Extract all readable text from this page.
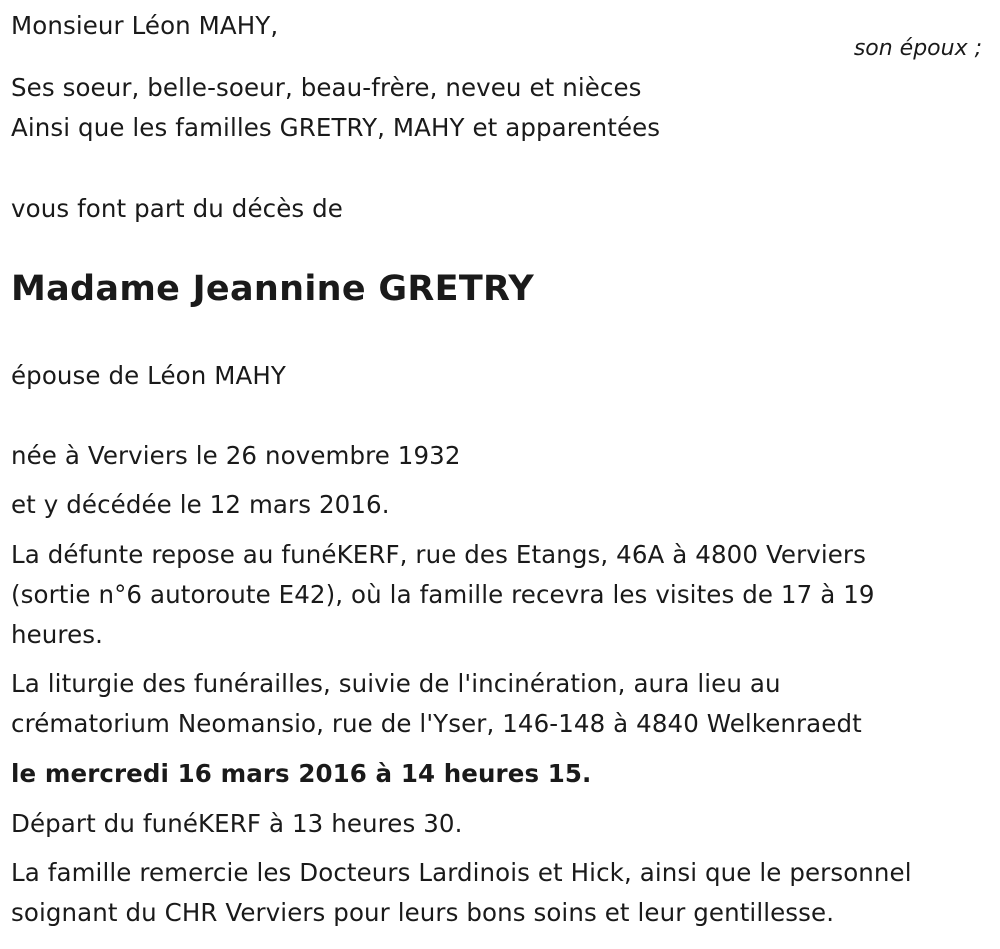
Monsieur Léon MAHY,
son époux ;
Ses soeur, belle-soeur, beau-frère, neveu et nièces
Ainsi que les familles GRETRY, MAHY et apparentées
vous font part du décès de
Madame Jeannine GRETRY
épouse de Léon MAHY
née à Verviers le 26 novembre 1932
et y décédée le 12 mars 2016.
La défunte repose au funéKERF, rue des Etangs, 46A à 4800 Verviers
(sortie n°6 autoroute E42), où la famille recevra les visites de 17 à 19
heures.
La liturgie des funérailles, suivie de l'incinération, aura lieu au
crématorium Neomansio, rue de l'Yser, 146-148 à 4840 Welkenraedt
le mercredi 16 mars 2016 à 14 heures 15.
Départ du funéKERF à 13 heures 30.
La famille remercie les Docteurs Lardinois et Hick, ainsi que le personnel
soignant du CHR Verviers pour leurs bons soins et leur gentillesse.
